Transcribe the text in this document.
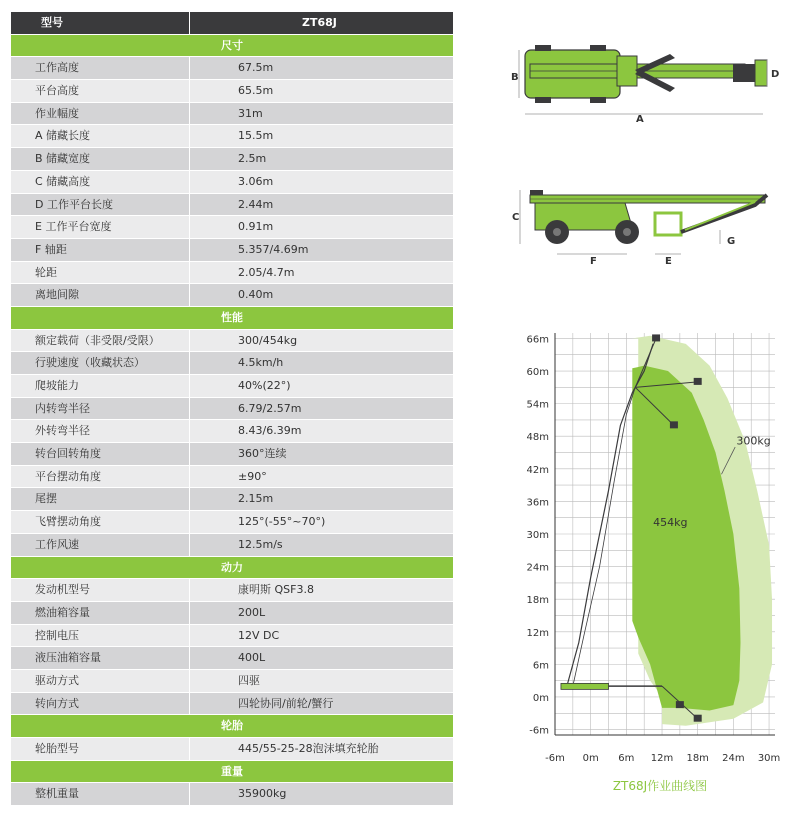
型号	ZT68J
尺寸
工作高度	67.5m
平台高度	65.5m
作业幅度	31m
A 储藏长度	15.5m
B 储藏宽度	2.5m
C 储藏高度	3.06m
D 工作平台长度	2.44m
E 工作平台宽度	0.91m
F 轴距	5.357/4.69m
轮距	2.05/4.7m
离地间隙	0.40m
性能
额定载荷（非受限/受限）	300/454kg
行驶速度（收藏状态）	4.5km/h
爬坡能力	40%(22°)
内转弯半径	6.79/2.57m
外转弯半径	8.43/6.39m
转台回转角度	360°连续
平台摆动角度	±90°
尾摆	2.15m
飞臂摆动角度	125°(-55°~70°)
工作风速	12.5m/s
动力
发动机型号	康明斯 QSF3.8
燃油箱容量	200L
控制电压	12V DC
液压油箱容量	400L
驱动方式	四驱
转向方式	四轮协同/前轮/蟹行
轮胎
轮胎型号	445/55-25-28泡沫填充轮胎
重量
整机重量	35900kg
B	D
A
C
F	E
G
66m
60m
54m
48m
42m
36m
30m
24m
18m
12m
6m
0m
-6m
-6m 0m 6m 12m 18m 24m 30m
300kg
454kg
ZT68J作业曲线图
